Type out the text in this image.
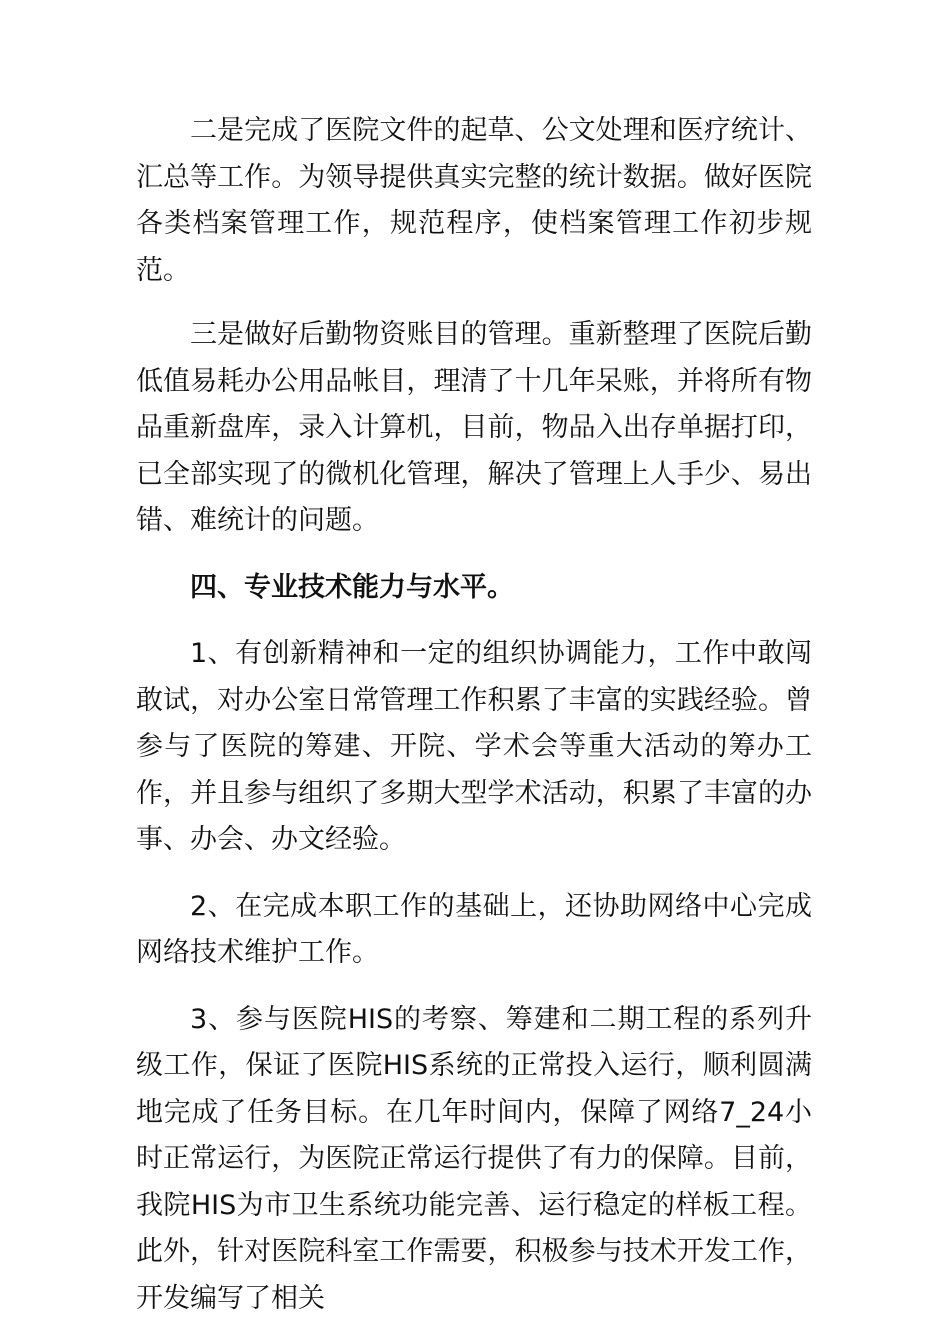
二是完成了医院文件的起草、公文处理和医疗统计、汇总等工作。为领导提供真实完整的统计数据。做好医院各类档案管理工作，规范程序，使档案管理工作初步规范。

三是做好后勤物资账目的管理。重新整理了医院后勤低值易耗办公用品帐目，理清了十几年呆账，并将所有物品重新盘库，录入计算机，目前，物品入出存单据打印，已全部实现了的微机化管理，解决了管理上人手少、易出错、难统计的问题。

四、专业技术能力与水平。

1、有创新精神和一定的组织协调能力，工作中敢闯敢试，对办公室日常管理工作积累了丰富的实践经验。曾参与了医院的筹建、开院、学术会等重大活动的筹办工作，并且参与组织了多期大型学术活动，积累了丰富的办事、办会、办文经验。

2、在完成本职工作的基础上，还协助网络中心完成网络技术维护工作。

3、参与医院HIS的考察、筹建和二期工程的系列升级工作，保证了医院HIS系统的正常投入运行，顺利圆满地完成了任务目标。在几年时间内，保障了网络7_24小时正常运行，为医院正常运行提供了有力的保障。目前，我院HIS为市卫生系统功能完善、运行稳定的样板工程。此外，针对医院科室工作需要，积极参与技术开发工作，开发编写了相关
